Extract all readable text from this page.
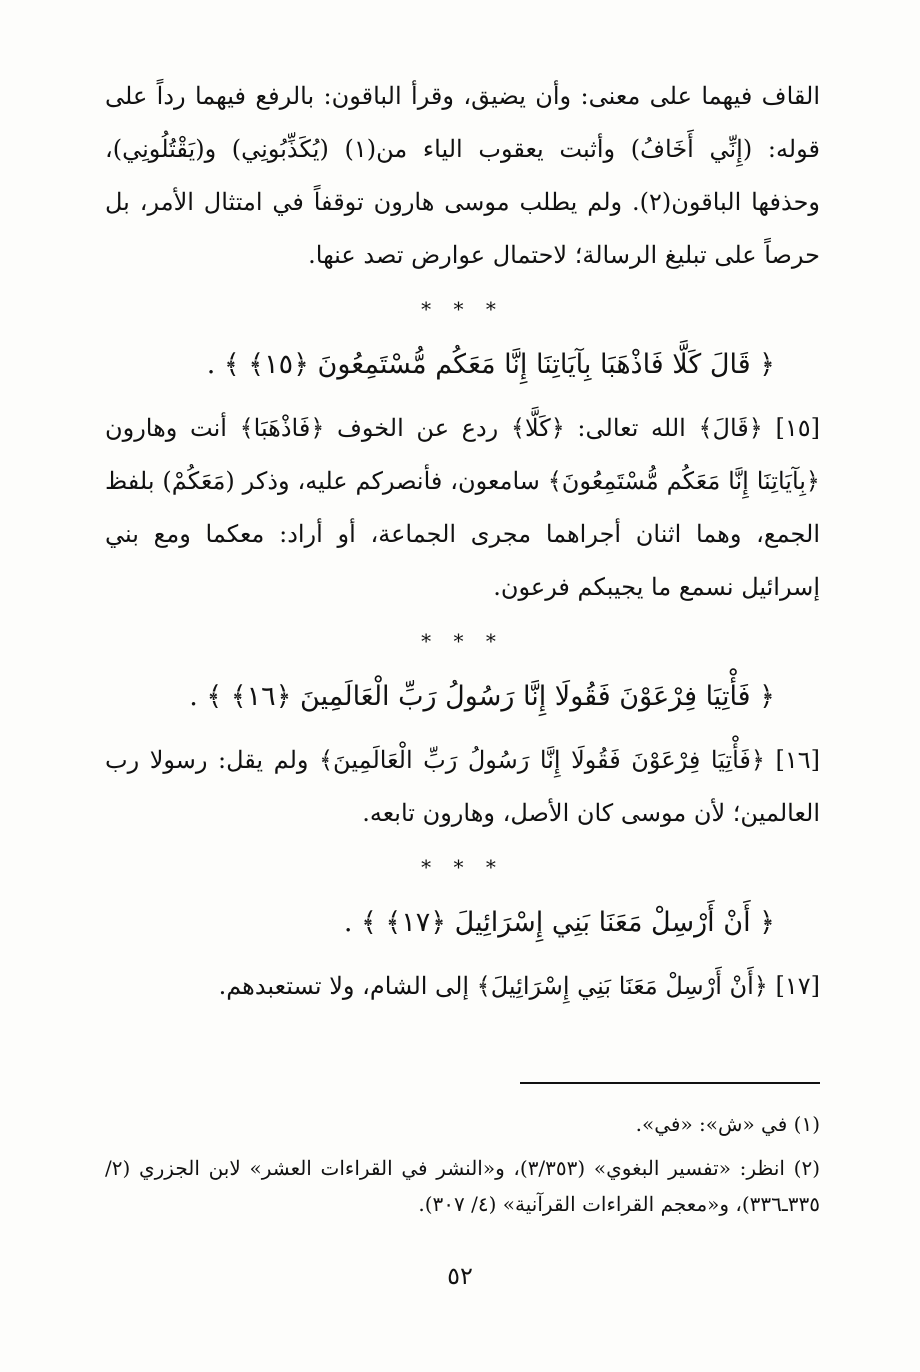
القاف فيهما على معنى: وأن يضيق، وقرأ الباقون: بالرفع فيهما رداً على قوله: (إِنِّي أَخَافُ) وأثبت يعقوب الياء من(١) (يُكَذِّبُونِي) و(يَقْتُلُونِي)، وحذفها الباقون(٢). ولم يطلب موسى هارون توقفاً في امتثال الأمر، بل حرصاً على تبليغ الرسالة؛ لاحتمال عوارض تصد عنها.

* * *
﴿ قَالَ كَلَّا فَاذْهَبَا بِآيَاتِنَا إِنَّا مَعَكُم مُّسْتَمِعُونَ ﴿١٥﴾ ﴾ .

[١٥] ﴿قَالَ﴾ الله تعالى: ﴿كَلَّا﴾ ردع عن الخوف ﴿فَاذْهَبَا﴾ أنت وهارون ﴿بِآيَاتِنَا إِنَّا مَعَكُم مُّسْتَمِعُونَ﴾ سامعون، فأنصركم عليه، وذكر (مَعَكُمْ) بلفظ الجمع، وهما اثنان أجراهما مجرى الجماعة، أو أراد: معكما ومع بني إسرائيل نسمع ما يجيبكم فرعون.

* * *
﴿ فَأْتِيَا فِرْعَوْنَ فَقُولَا إِنَّا رَسُولُ رَبِّ الْعَالَمِينَ ﴿١٦﴾ ﴾ .

[١٦] ﴿فَأْتِيَا فِرْعَوْنَ فَقُولَا إِنَّا رَسُولُ رَبِّ الْعَالَمِينَ﴾ ولم يقل: رسولا رب العالمين؛ لأن موسى كان الأصل، وهارون تابعه.

* * *
﴿ أَنْ أَرْسِلْ مَعَنَا بَنِي إِسْرَائِيلَ ﴿١٧﴾ ﴾ .

[١٧] ﴿أَنْ أَرْسِلْ مَعَنَا بَنِي إِسْرَائِيلَ﴾ إلى الشام، ولا تستعبدهم.

(١) في «ش»: «في».
(٢) انظر: «تفسير البغوي» (٣/٣٥٣)، و«النشر في القراءات العشر» لابن الجزري (٢/ ٣٣٥ـ٣٣٦)، و«معجم القراءات القرآنية» (٤/ ٣٠٧).
٥٢
